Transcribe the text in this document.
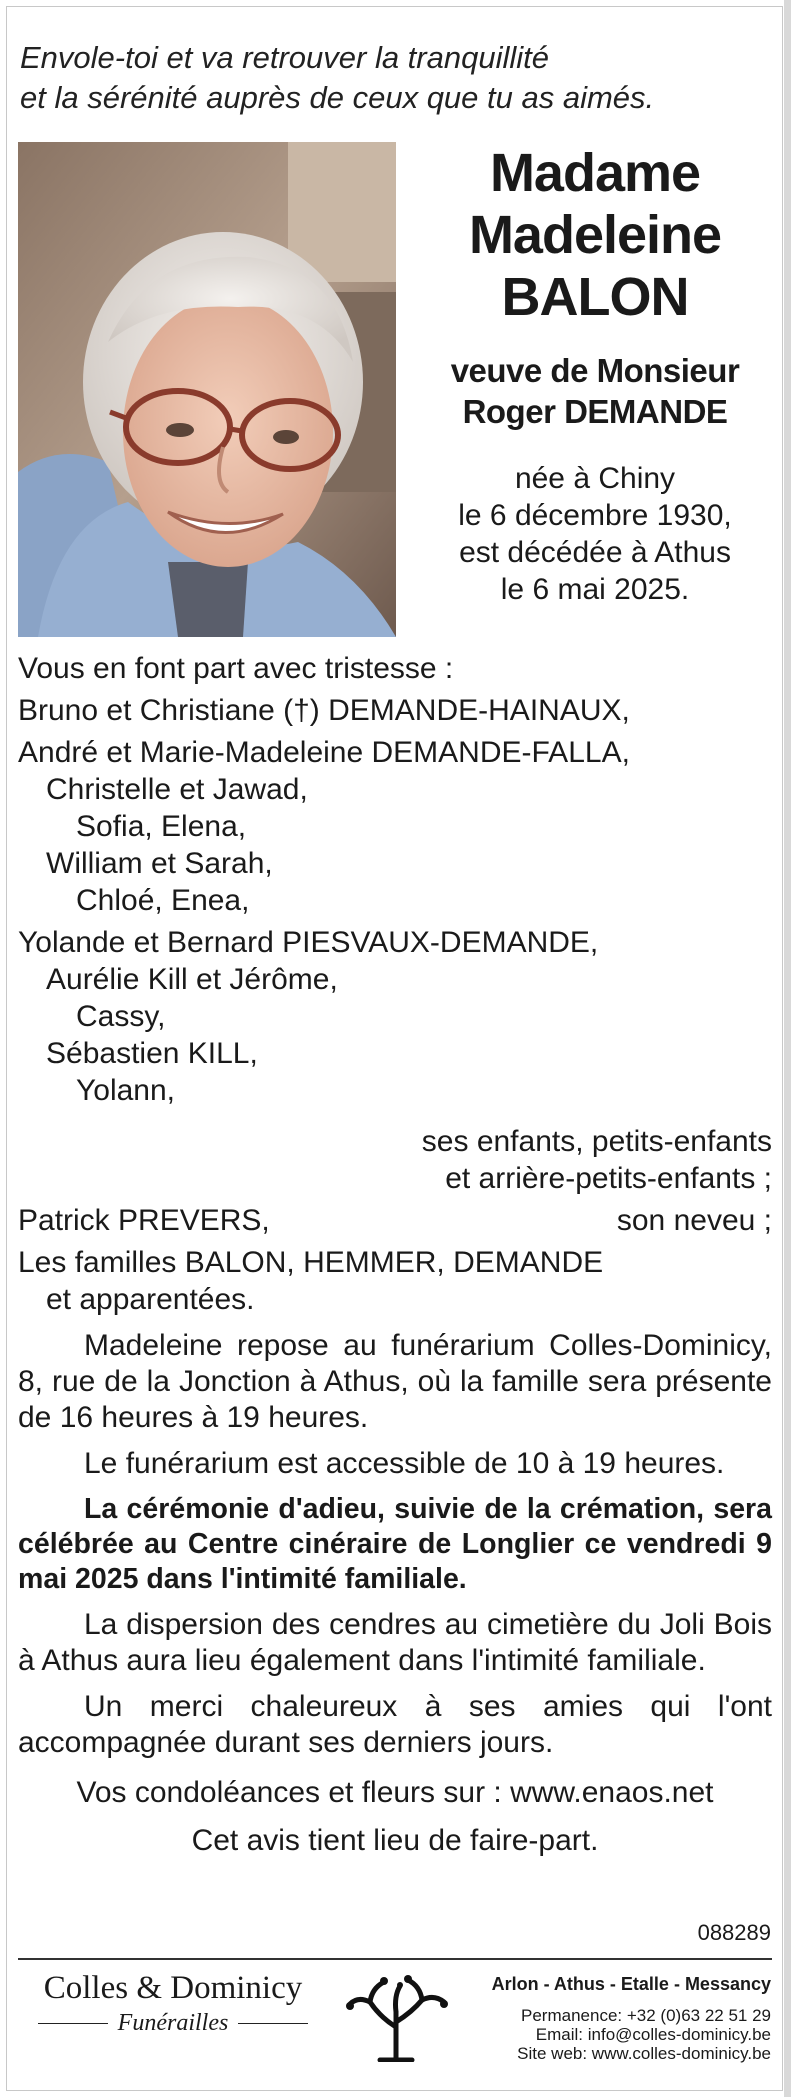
Envole-toi et va retrouver la tranquillité
et la sérénité auprès de ceux que tu as aimés.
Madame
Madeleine
BALON
veuve de Monsieur
Roger DEMANDE
née à Chiny
le 6 décembre 1930,
est décédée à Athus
le 6 mai 2025.
Vous en font part avec tristesse :
Bruno et Christiane (†) DEMANDE-HAINAUX,
André et Marie-Madeleine DEMANDE-FALLA,
Christelle et Jawad,
Sofia, Elena,
William et Sarah,
Chloé, Enea,
Yolande et Bernard PIESVAUX-DEMANDE,
Aurélie Kill et Jérôme,
Cassy,
Sébastien KILL,
Yolann,
ses enfants, petits-enfants
et arrière-petits-enfants ;
Patrick PREVERS,	son neveu ;
Les familles BALON, HEMMER, DEMANDE
et apparentées.
Madeleine repose au funérarium Colles-Dominicy, 8, rue de la Jonction à Athus, où la famille sera présente de 16 heures à 19 heures.
Le funérarium est accessible de 10 à 19 heures.
La cérémonie d'adieu, suivie de la crémation, sera célébrée au Centre cinéraire de Longlier ce vendredi 9 mai 2025 dans l'intimité familiale.
La dispersion des cendres au cimetière du Joli Bois à Athus aura lieu également dans l'intimité familiale.
Un merci chaleureux à ses amies qui l'ont accompagnée durant ses derniers jours.
Vos condoléances et fleurs sur : www.enaos.net
Cet avis tient lieu de faire-part.
088289
Colles & Dominicy
Funérailles
Arlon - Athus - Etalle - Messancy
Permanence: +32 (0)63 22 51 29
Email: info@colles-dominicy.be
Site web: www.colles-dominicy.be
